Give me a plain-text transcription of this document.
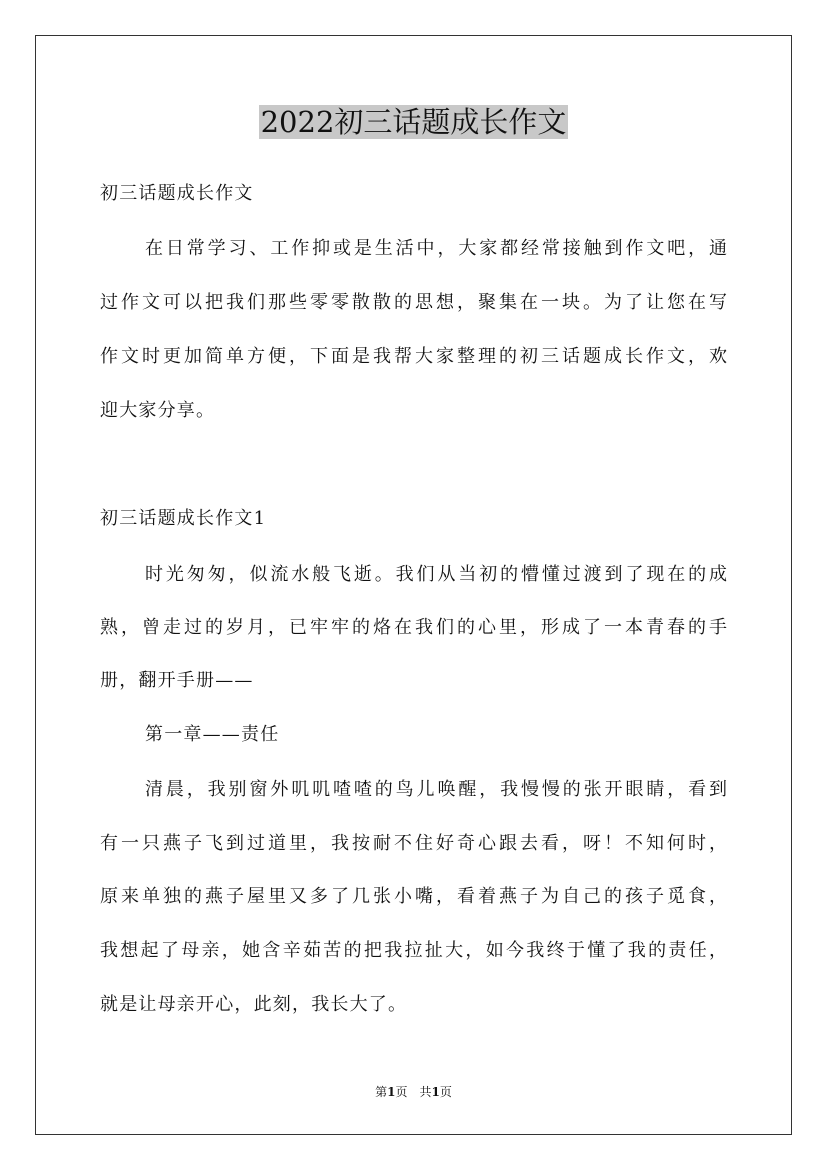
2022初三话题成长作文
初三话题成长作文
在日常学习、工作抑或是生活中，大家都经常接触到作文吧，通
过作文可以把我们那些零零散散的思想，聚集在一块。为了让您在写
作文时更加简单方便，下面是我帮大家整理的初三话题成长作文，欢
迎大家分享。
初三话题成长作文1
时光匆匆，似流水般飞逝。我们从当初的懵懂过渡到了现在的成
熟，曾走过的岁月，已牢牢的烙在我们的心里，形成了一本青春的手
册，翻开手册——
第一章——责任
清晨，我别窗外叽叽喳喳的鸟儿唤醒，我慢慢的张开眼睛，看到
有一只燕子飞到过道里，我按耐不住好奇心跟去看，呀！不知何时，
原来单独的燕子屋里又多了几张小嘴，看着燕子为自己的孩子觅食，
我想起了母亲，她含辛茹苦的把我拉扯大，如今我终于懂了我的责任，
就是让母亲开心，此刻，我长大了。
第1页　共1页
